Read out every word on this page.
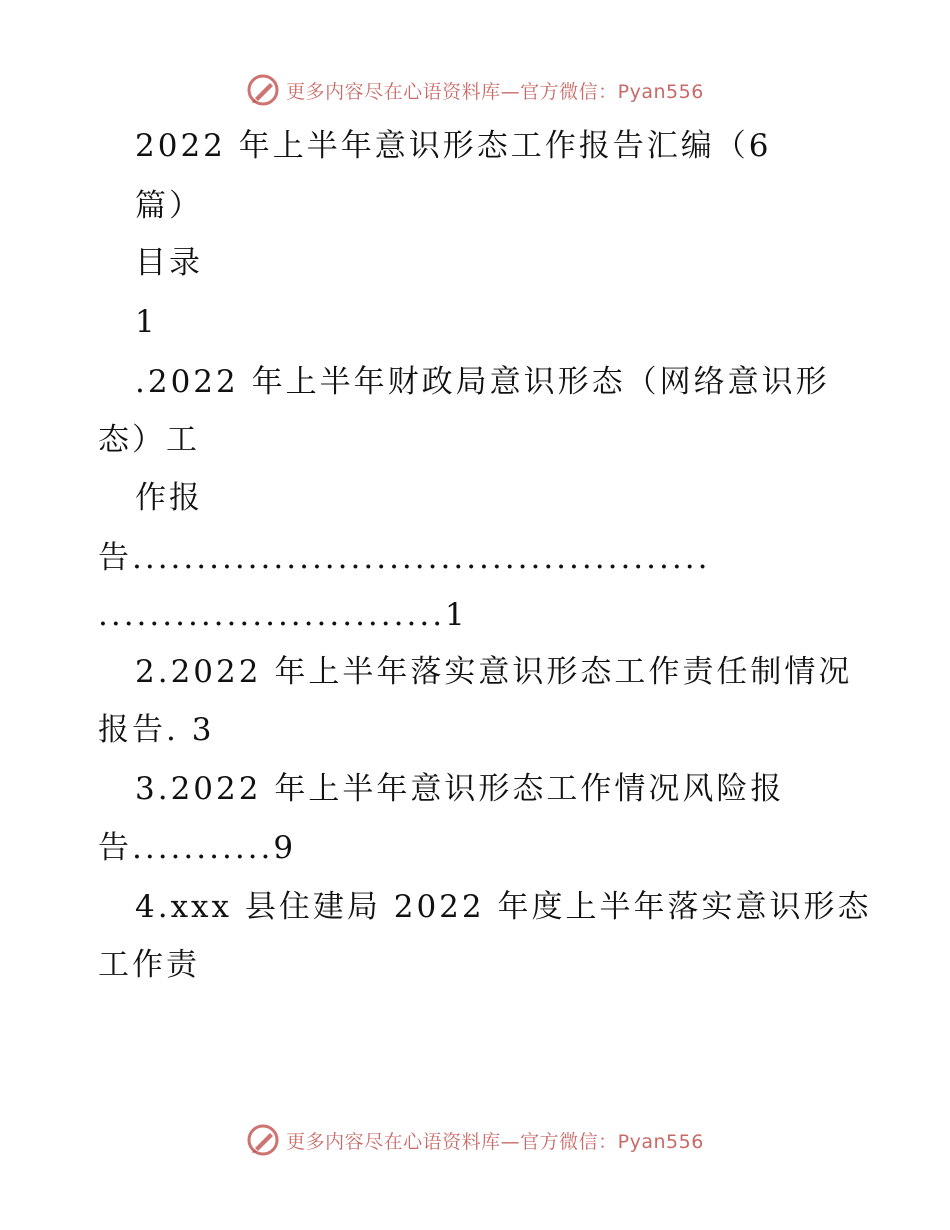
更多内容尽在心语资料库—官方微信：Pyan556

2022 年上半年意识形态工作报告汇编（6

篇）

目录

1

.2022 年上半年财政局意识形态（网络意识形

态）工

作报

告.............................................

...........................1

2.2022 年上半年落实意识形态工作责任制情况

报告. 3

3.2022 年上半年意识形态工作情况风险报

告...........9

4.xxx 县住建局 2022 年度上半年落实意识形态

工作责

更多内容尽在心语资料库—官方微信：Pyan556
